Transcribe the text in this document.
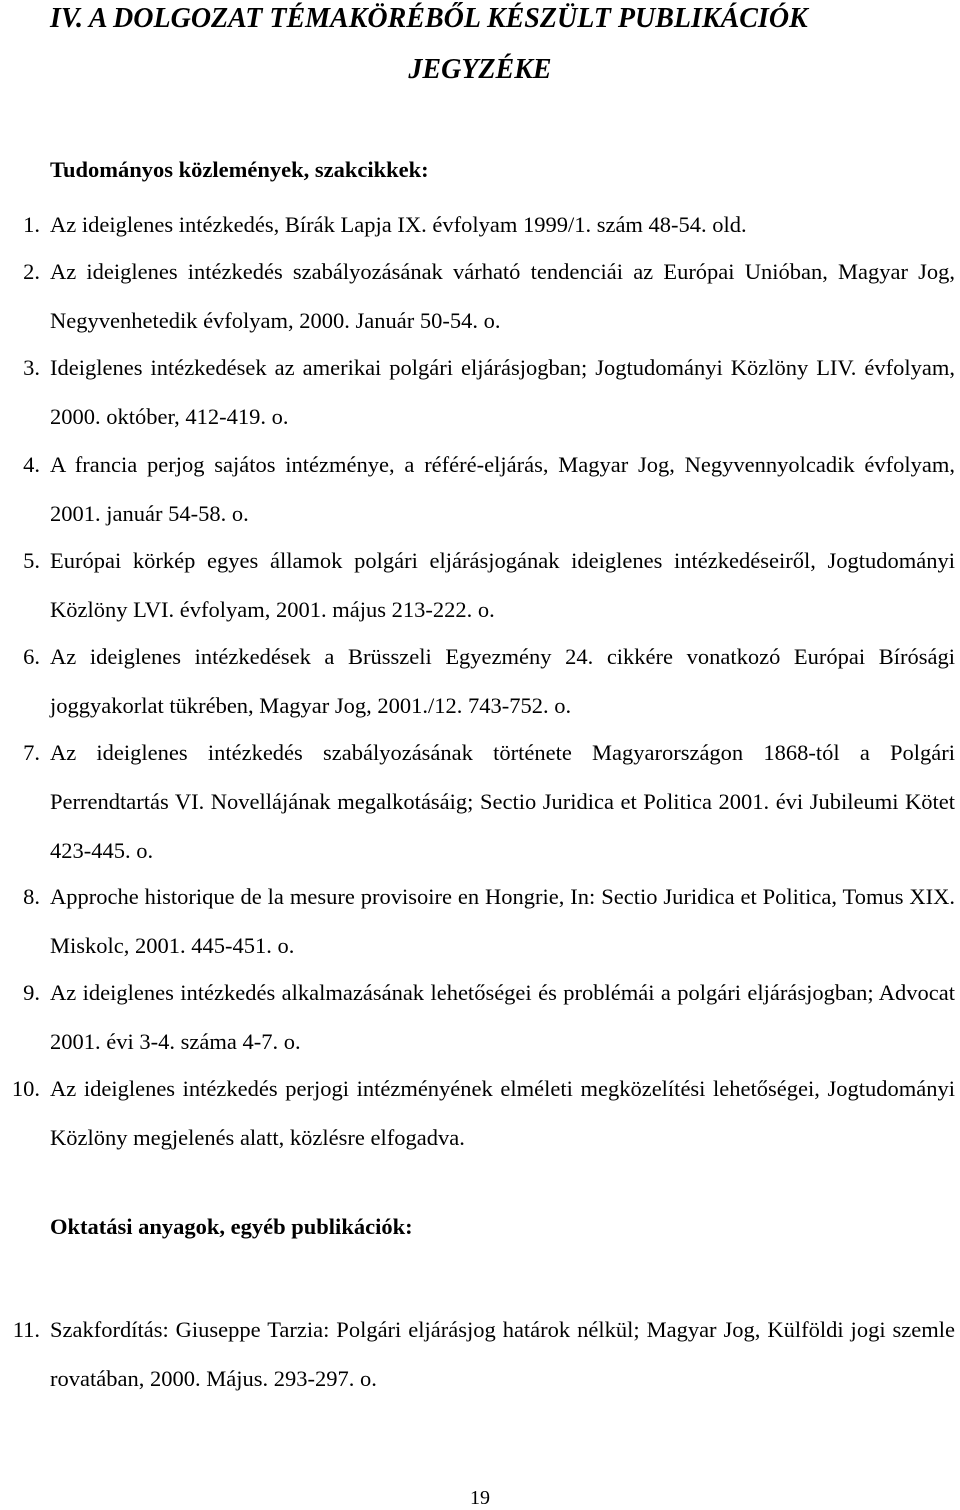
IV. A DOLGOZAT TÉMAKÖRÉBŐL KÉSZÜLT PUBLIKÁCIÓK
JEGYZÉKE
Tudományos közlemények, szakcikkek:
1. Az ideiglenes intézkedés, Bírák Lapja IX. évfolyam 1999/1. szám 48-54. old.
2. Az ideiglenes intézkedés szabályozásának várható tendenciái az Európai Unióban, Magyar Jog, Negyvenhetedik évfolyam, 2000. Január 50-54. o.
3. Ideiglenes intézkedések az amerikai polgári eljárásjogban; Jogtudományi Közlöny LIV. évfolyam, 2000. október, 412-419. o.
4. A francia perjog sajátos intézménye, a référé-eljárás, Magyar Jog, Negyvennyolcadik évfolyam, 2001. január 54-58. o.
5. Európai körkép egyes államok polgári eljárásjogának ideiglenes intézkedéseiről, Jogtudományi Közlöny LVI. évfolyam, 2001. május 213-222. o.
6. Az ideiglenes intézkedések a Brüsszeli Egyezmény 24. cikkére vonatkozó Európai Bírósági joggyakorlat tükrében, Magyar Jog, 2001./12. 743-752. o.
7. Az ideiglenes intézkedés szabályozásának története Magyarországon 1868-tól a Polgári Perrendtartás VI. Novellájának megalkotásáig; Sectio Juridica et Politica 2001. évi Jubileumi Kötet 423-445. o.
8. Approche historique de la mesure provisoire en Hongrie, In: Sectio Juridica et Politica, Tomus XIX. Miskolc, 2001. 445-451. o.
9. Az ideiglenes intézkedés alkalmazásának lehetőségei és problémái a polgári eljárásjogban; Advocat 2001. évi 3-4. száma 4-7. o.
10. Az ideiglenes intézkedés perjogi intézményének elméleti megközelítési lehetőségei, Jogtudományi Közlöny megjelenés alatt, közlésre elfogadva.
Oktatási anyagok, egyéb publikációk:
11. Szakfordítás: Giuseppe Tarzia: Polgári eljárásjog határok nélkül; Magyar Jog, Külföldi jogi szemle rovatában, 2000. Május. 293-297. o.
19
